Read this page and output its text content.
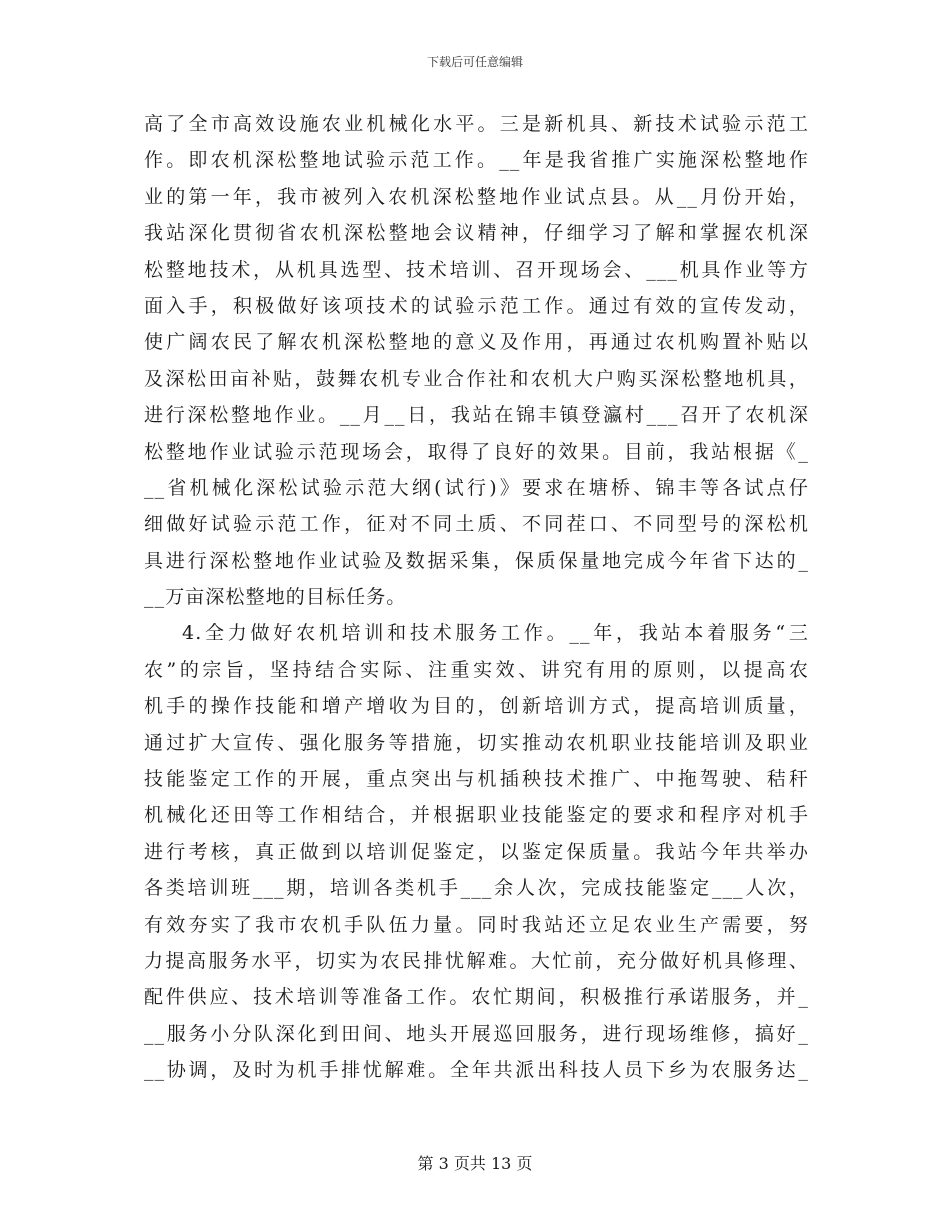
下载后可任意编辑
高了全市高效设施农业机械化水平。三是新机具、新技术试验示范工
作。即农机深松整地试验示范工作。__年是我省推广实施深松整地作
业的第一年，我市被列入农机深松整地作业试点县。从__月份开始，
我站深化贯彻省农机深松整地会议精神，仔细学习了解和掌握农机深
松整地技术，从机具选型、技术培训、召开现场会、___机具作业等方
面入手，积极做好该项技术的试验示范工作。通过有效的宣传发动，
使广阔农民了解农机深松整地的意义及作用，再通过农机购置补贴以
及深松田亩补贴，鼓舞农机专业合作社和农机大户购买深松整地机具，
进行深松整地作业。__月__日，我站在锦丰镇登瀛村___召开了农机深
松整地作业试验示范现场会，取得了良好的效果。目前，我站根据《_
__省机械化深松试验示范大纲(试行)》要求在塘桥、锦丰等各试点仔
细做好试验示范工作，征对不同土质、不同茬口、不同型号的深松机
具进行深松整地作业试验及数据采集，保质保量地完成今年省下达的_
__万亩深松整地的目标任务。
4.全力做好农机培训和技术服务工作。__年，我站本着服务“三
农”的宗旨，坚持结合实际、注重实效、讲究有用的原则，以提高农
机手的操作技能和增产增收为目的，创新培训方式，提高培训质量，
通过扩大宣传、强化服务等措施，切实推动农机职业技能培训及职业
技能鉴定工作的开展，重点突出与机插秧技术推广、中拖驾驶、秸秆
机械化还田等工作相结合，并根据职业技能鉴定的要求和程序对机手
进行考核，真正做到以培训促鉴定，以鉴定保质量。我站今年共举办
各类培训班___期，培训各类机手___余人次，完成技能鉴定___人次，
有效夯实了我市农机手队伍力量。同时我站还立足农业生产需要，努
力提高服务水平，切实为农民排忧解难。大忙前，充分做好机具修理、
配件供应、技术培训等准备工作。农忙期间，积极推行承诺服务，并_
__服务小分队深化到田间、地头开展巡回服务，进行现场维修，搞好_
__协调，及时为机手排忧解难。全年共派出科技人员下乡为农服务达_
第 3 页共 13 页
